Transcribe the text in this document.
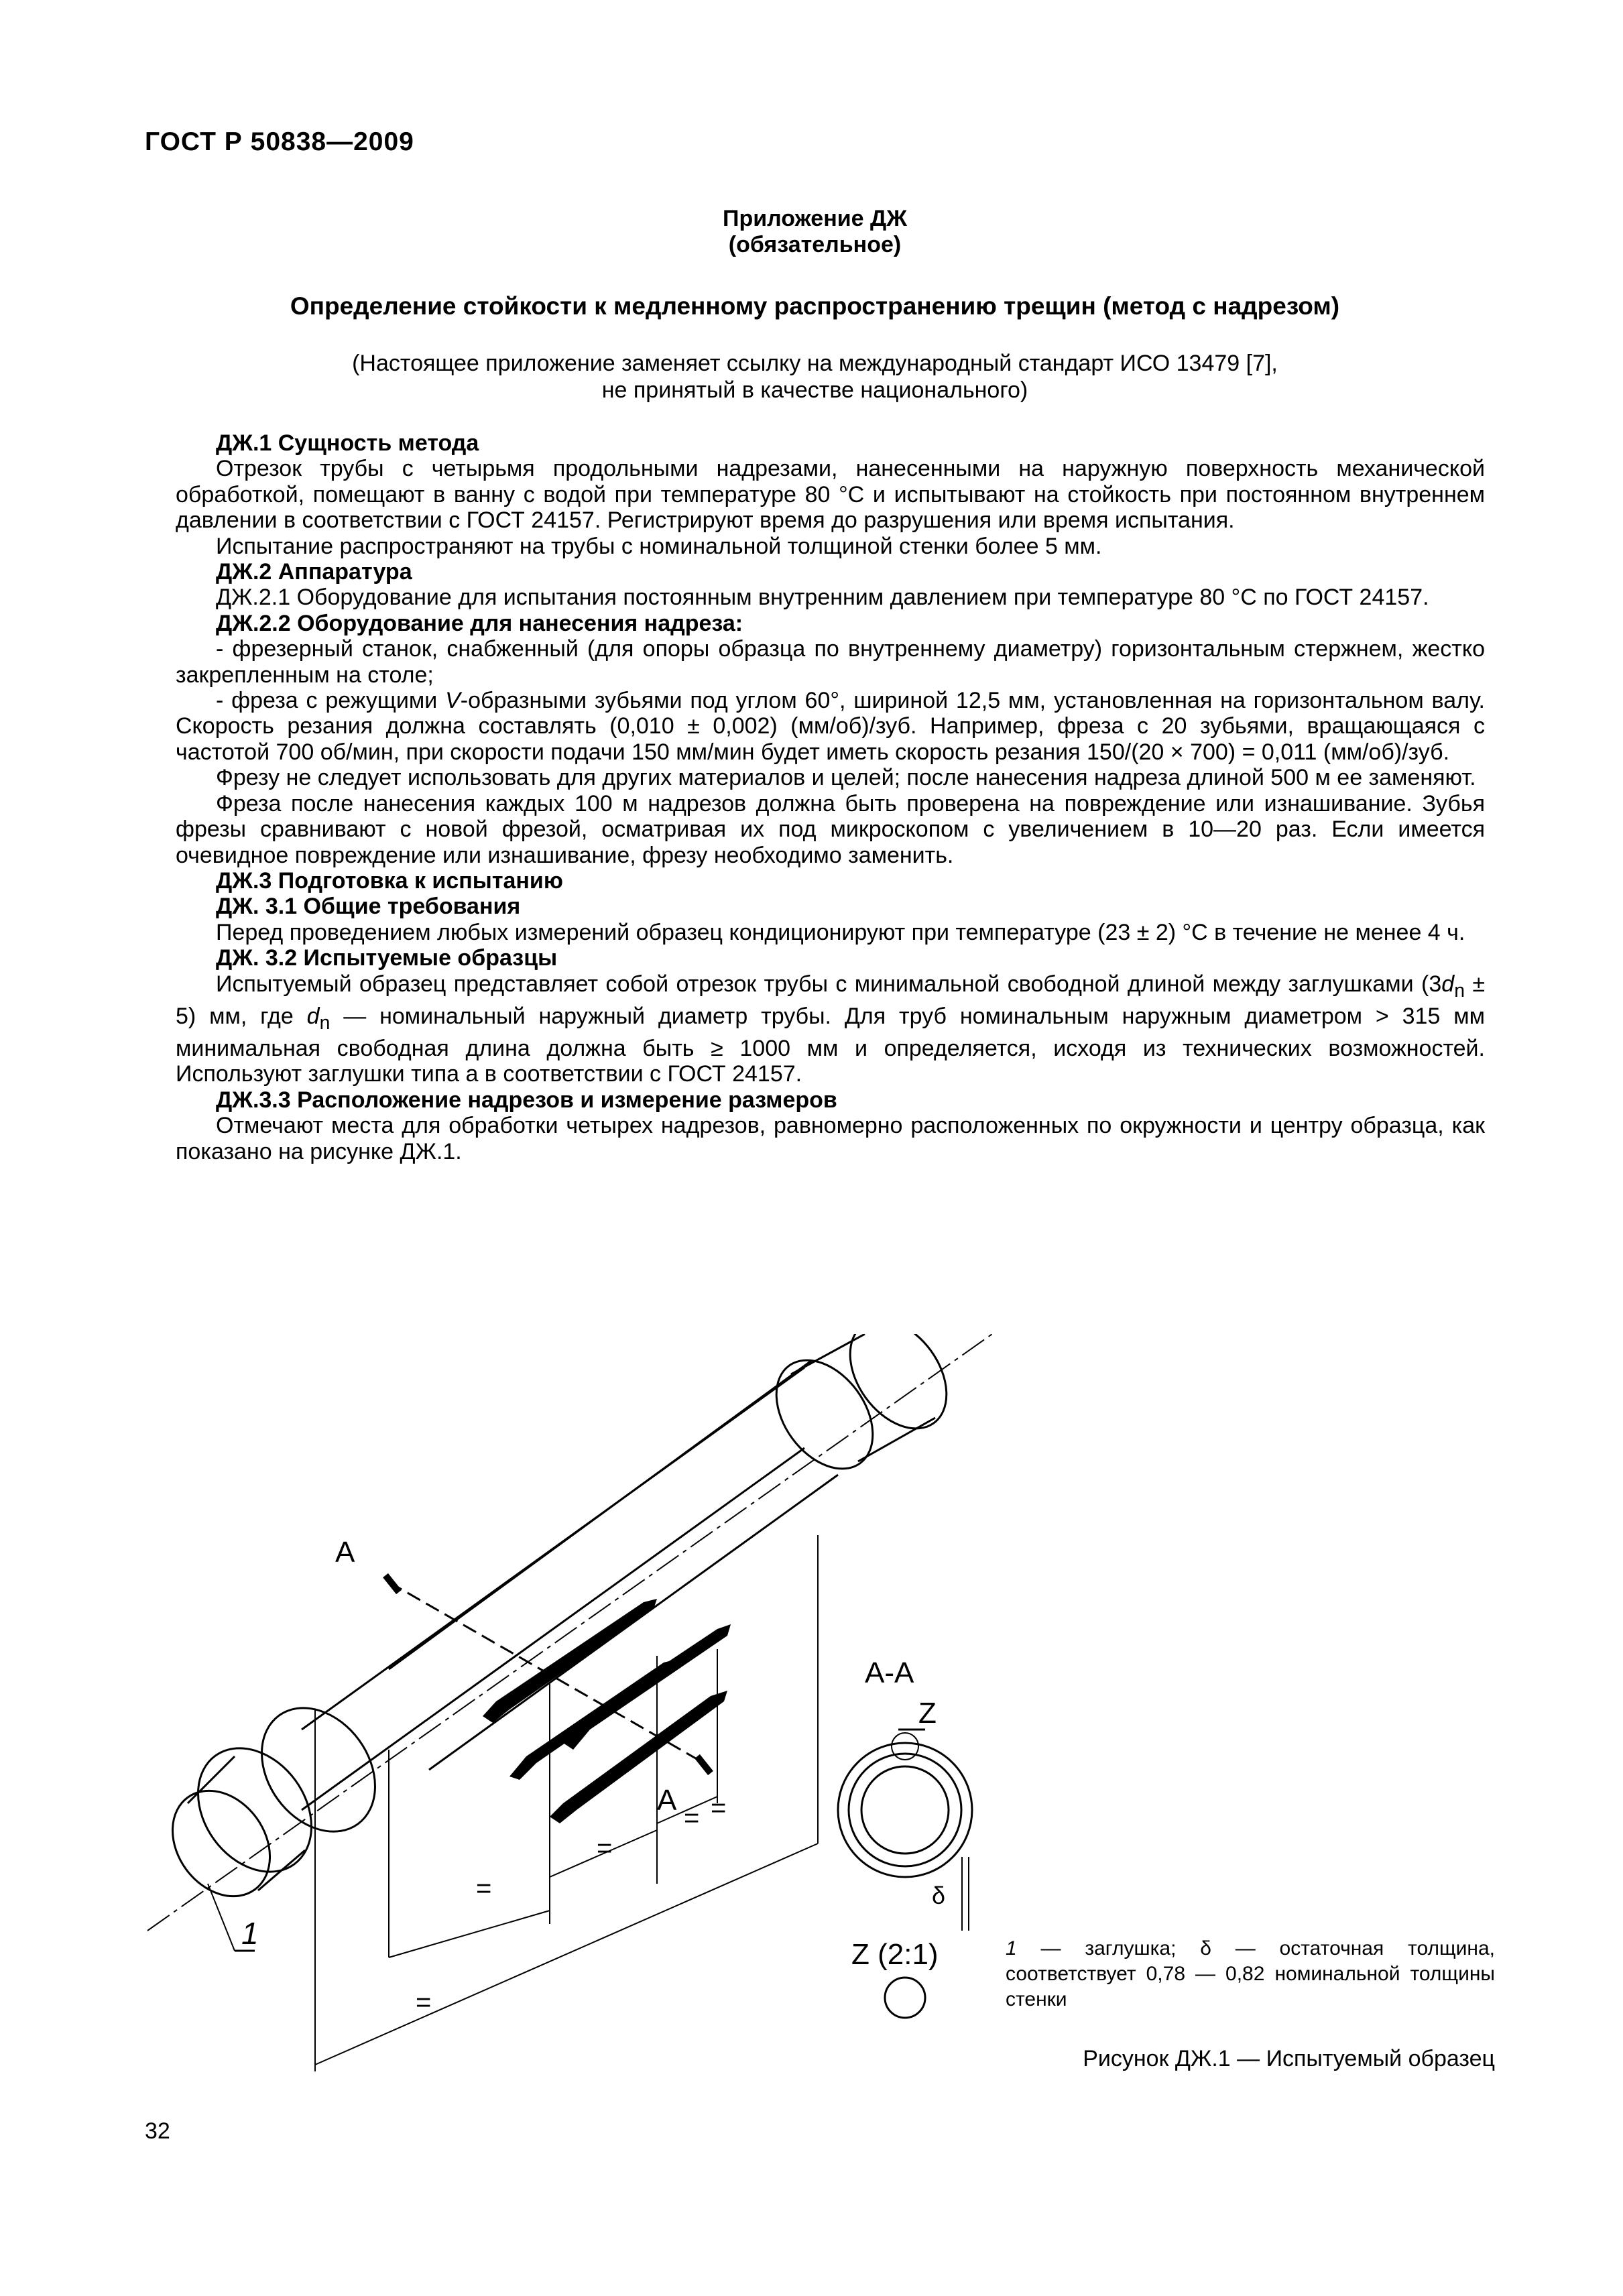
ГОСТ Р 50838—2009
Приложение ДЖ
(обязательное)
Определение стойкости к медленному распространению трещин (метод с надрезом)
(Настоящее приложение заменяет ссылку на международный стандарт ИСО 13479 [7],
не принятый в качестве национального)

ДЖ.1 Сущность метода

Отрезок трубы с четырьмя продольными надрезами, нанесенными на наружную поверхность механической обработкой, помещают в ванну с водой при температуре 80 °С и испытывают на стойкость при постоянном внутреннем давлении в соответствии с ГОСТ 24157. Регистрируют время до разрушения или время испытания.

Испытание распространяют на трубы с номинальной толщиной стенки более 5 мм.

ДЖ.2 Аппаратура

ДЖ.2.1 Оборудование для испытания постоянным внутренним давлением при температуре 80 °С по ГОСТ 24157.

ДЖ.2.2 Оборудование для нанесения надреза:

- фрезерный станок, снабженный (для опоры образца по внутреннему диаметру) горизонтальным стержнем, жестко закрепленным на столе;

- фреза с режущими V-образными зубьями под углом 60°, шириной 12,5 мм, установленная на горизонтальном валу. Скорость резания должна составлять (0,010 ± 0,002) (мм/об)/зуб. Например, фреза с 20 зубьями, вращающаяся с частотой 700 об/мин, при скорости подачи 150 мм/мин будет иметь скорость резания 150/(20 × 700) = 0,011 (мм/об)/зуб.

Фрезу не следует использовать для других материалов и целей; после нанесения надреза длиной 500 м ее заменяют.

Фреза после нанесения каждых 100 м надрезов должна быть проверена на повреждение или изнашивание. Зубья фрезы сравнивают с новой фрезой, осматривая их под микроскопом с увеличением в 10—20 раз. Если имеется очевидное повреждение или изнашивание, фрезу необходимо заменить.

ДЖ.3 Подготовка к испытанию

ДЖ. 3.1 Общие требования

Перед проведением любых измерений образец кондиционируют при температуре (23 ± 2) °С в течение не менее 4 ч.

ДЖ. 3.2 Испытуемые образцы

Испытуемый образец представляет собой отрезок трубы с минимальной свободной длиной между заглушками $(3d_n \pm 5)$ мм, где $d_n$ — номинальный наружный диаметр трубы. Для труб номинальным наружным диаметром > 315 мм минимальная свободная длина должна быть ≥ 1000 мм и определяется, исходя из технических возможностей. Используют заглушки типа а в соответствии с ГОСТ 24157.

ДЖ.3.3 Расположение надрезов и измерение размеров

Отмечают места для обработки четырех надрезов, равномерно расположенных по окружности и центру образца, как показано на рисунке ДЖ.1.

А
А
1
=
=
= =
=
А-А
Z
δ
Z (2:1)	1 — заглушка; δ — остаточная толщина, соответствует 0,78 — 0,82 номинальной толщины стенки
Рисунок ДЖ.1 — Испытуемый образец
32
